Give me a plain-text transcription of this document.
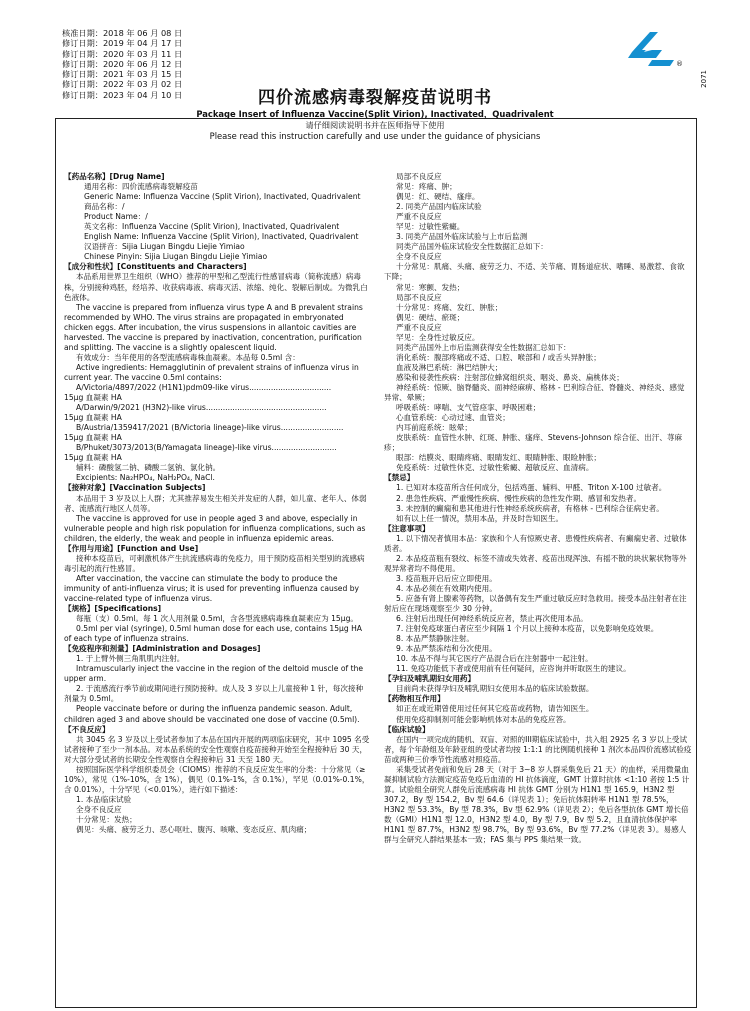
核准日期：2018 年 06 月 08 日
修订日期：2019 年 04 月 17 日
修订日期：2020 年 03 月 11 日
修订日期：2020 年 06 月 12 日
修订日期：2021 年 03 月 15 日
修订日期：2022 年 03 月 02 日
修订日期：2023 年 04 月 10 日
®
2071
四价流感病毒裂解疫苗说明书
Package Insert of Influenza Vaccine(Split Virion), Inactivated，Quadrivalent
请仔细阅读说明书并在医师指导下使用
Please read this instruction carefully and use under the guidance of physicians

【药品名称】[Drug Name]

通用名称：四价流感病毒裂解疫苗

Generic Name: Influenza Vaccine (Split Virion), Inactivated, Quadrivalent

商品名称：/

Product Name：/

英文名称：Influenza Vaccine (Split Virion), Inactivated, Quadrivalent

English Name: Influenza Vaccine (Split Virion), Inactivated, Quadrivalent

汉语拼音：Sijia Liugan Bingdu Liejie Yimiao

Chinese Pinyin: Sijia Liugan Bingdu Liejie Yimiao

【成分和性状】[Constituents and Characters]

本品系用世界卫生组织（WHO）推荐的甲型和乙型流行性感冒病毒（简称流感）病毒株，分别接种鸡胚，经培养、收获病毒液、病毒灭活、浓缩、纯化、裂解后制成。为微乳白色液体。

The vaccine is prepared from influenza virus type A and B prevalent strains recommended by WHO. The virus strains are propagated in embryonated chicken eggs. After incubation, the virus suspensions in allantoic cavities are harvested. The vaccine is prepared by inactivation, concentration, purification and splitting. The vaccine is a slightly opalescent liquid.

有效成分：当年使用的各型流感病毒株血凝素。本品每 0.5ml 含：

Active ingredients: Hemagglutinin of prevalent strains of influenza virus in current year. The vaccine 0.5ml contains:

A/Victoria/4897/2022 (H1N1)pdm09-like virus..................................

15μg 血凝素 HA

A/Darwin/9/2021 (H3N2)-like virus..................................................

15μg 血凝素 HA

B/Austria/1359417/2021 (B/Victoria lineage)-like virus..........................

15μg 血凝素 HA

B/Phuket/3073/2013(B/Yamagata lineage)-like virus...........................

15μg 血凝素 HA

辅料：磷酸氢二钠、磷酸二氢钠、氯化钠。

Excipients: Na₂HPO₄, NaH₂PO₄, NaCl.

【接种对象】[Vaccination Subjects]

本品用于 3 岁及以上人群；尤其推荐易发生相关并发症的人群，如儿童、老年人、体弱者、流感流行地区人员等。

The vaccine is approved for use in people aged 3 and above, especially in vulnerable people and high risk population for influenza complications, such as children, the elderly, the weak and people in influenza epidemic areas.

【作用与用途】[Function and Use]

接种本疫苗后，可刺激机体产生抗流感病毒的免疫力，用于预防疫苗相关型别的流感病毒引起的流行性感冒。

After vaccination, the vaccine can stimulate the body to produce the immunity of anti-influenza virus; it is used for preventing influenza caused by vaccine-related type of influenza virus.

【规格】[Specifications]

每瓶（支）0.5ml。每 1 次人用剂量 0.5ml，含各型流感病毒株血凝素应为 15μg。

0.5ml per vial (syringe), 0.5ml human dose for each use, contains 15μg HA of each type of influenza strains.

【免疫程序和剂量】[Administration and Dosages]

1. 于上臂外侧三角肌肌内注射。

Intramuscularly inject the vaccine in the region of the deltoid muscle of the upper arm.

2. 于流感流行季节前或期间进行预防接种。成人及 3 岁以上儿童接种 1 针，每次接种剂量为 0.5ml。

People vaccinate before or during the influenza pandemic season. Adult, children aged 3 and above should be vaccinated one dose of vaccine (0.5ml).

【不良反应】

共 3045 名 3 岁及以上受试者参加了本品在国内开展的两项临床研究，其中 1095 名受试者接种了至少一剂本品。对本品系统的安全性观察自疫苗接种开始至全程接种后 30 天，对大部分受试者的长期安全性观察自全程接种后 31 天至 180 天。

按照国际医学科学组织委员会（CIOMS）推荐的不良反应发生率的分类：十分常见（≥ 10%），常见（1%-10%，含 1%），偶见（0.1%-1%，含 0.1%），罕见（0.01%-0.1%，含 0.01%），十分罕见（<0.01%），进行如下描述：

1. 本品临床试验

全身不良反应

十分常见：发热；

偶见：头痛、疲劳乏力、恶心呕吐、腹泻、咳嗽、变态反应、肌肉痛；

局部不良反应

常见：疼痛、肿；

偶见：红、硬结、瘙痒。

2. 同类产品国内临床试验

严重不良反应

罕见：过敏性紫癜。

3. 同类产品国外临床试验与上市后监测

同类产品国外临床试验安全性数据汇总如下：

全身不良反应

十分常见：肌痛、头痛、疲劳乏力、不适、关节痛、胃肠道症状、嗜睡、易激惹、食欲下降；

常见：寒颤、发热；

局部不良反应

十分常见：疼痛、发红、肿胀；

偶见：硬结、瘀斑；

严重不良反应

罕见：全身性过敏反应。

同类产品国外上市后监测获得安全性数据汇总如下：

消化系统：腹部疼痛或不适、口腔、喉部和 / 或舌头异肿胀；

血液及淋巴系统：淋巴结肿大；

感染和侵袭性疾病：注射部位蜂窝组织炎、咽炎、鼻炎、扁桃体炎；

神经系统：惊厥、脑脊髓炎、面神经麻痹、格林 - 巴利综合征、脊髓炎、神经炎、感觉异常、晕厥；

呼吸系统：哮喘、支气管痉挛、呼吸困难；

心血管系统：心动过速、血管炎；

内耳前庭系统：眩晕；

皮肤系统：血管性水肿、红斑、肿胀、瘙痒、Stevens-Johnson 综合征、出汗、荨麻疹；

眼部：结膜炎、眼睛疼痛、眼睛发红、眼睛肿胀、眼睑肿胀；

免疫系统：过敏性休克、过敏性紫癜、超敏反应、血清病。

【禁忌】

1. 已知对本疫苗所含任何成分，包括鸡蛋、辅料、甲醛、Triton X-100 过敏者。

2. 患急性疾病、严重慢性疾病、慢性疾病的急性发作期、感冒和发热者。

3. 未控制的癫痫和患其他进行性神经系统疾病者，有格林 - 巴利综合征病史者。

如有以上任一情况，禁用本品，并及时告知医生。

【注意事项】

1. 以下情况者慎用本品：家族和个人有惊厥史者、患慢性疾病者、有癫痫史者、过敏体质者。

2. 本品疫苗瓶有裂纹、标签不清或失效者、疫苗出现浑浊、有摇不散的块状絮状物等外观异常者均不得使用。

3. 疫苗瓶开启后应立即使用。

4. 本品必须在有效期内使用。

5. 应备有肾上腺素等药物，以备偶有发生严重过敏反应时急救用。接受本品注射者在注射后应在现场观察至少 30 分钟。

6. 注射后出现任何神经系统反应者，禁止再次使用本品。

7. 注射免疫球蛋白者应至少间隔 1 个月以上接种本疫苗，以免影响免疫效果。

8. 本品严禁静脉注射。

9. 本品严禁冻结和分次使用。

10. 本品不得与其它医疗产品混合后在注射器中一起注射。

11. 免疫功能低下者或使用前有任何疑问，应咨询并听取医生的建议。

【孕妇及哺乳期妇女用药】

目前尚未获得孕妇及哺乳期妇女使用本品的临床试验数据。

【药物相互作用】

如正在或近期曾使用过任何其它疫苗或药物，请告知医生。

使用免疫抑制剂可能会影响机体对本品的免疫应答。

【临床试验】

在国内一项完成的随机、双盲、对照的III期临床试验中，共入组 2925 名 3 岁以上受试者，每个年龄组及年龄亚组的受试者均按 1:1:1 的比例随机接种 1 剂次本品四价流感试验疫苗或两种三价季节性流感对照疫苗。

采集受试者免前和免后 28 天（对于 3~8 岁人群采集免后 21 天）的血样，采用微量血凝抑制试验方法测定疫苗免疫后血清的 HI 抗体滴度，GMT 计算时抗体 <1:10 者按 1:5 计算。试验组全研究人群免后流感病毒 HI 抗体 GMT 分别为 H1N1 型 165.9，H3N2 型 307.2，By 型 154.2，Bv 型 64.6（详见表 1）；免后抗体阳转率 H1N1 型 78.5%，H3N2 型 53.3%，By 型 78.3%，Bv 型 62.9%（详见表 2）；免后各型抗体 GMT 增长倍数（GMI）H1N1 型 12.0，H3N2 型 4.0，By 型 7.9，Bv 型 5.2，且血清抗体保护率 H1N1 型 87.7%，H3N2 型 98.7%，By 型 93.6%，Bv 型 77.2%（详见表 3）。易感人群与全研究人群结果基本一致；FAS 集与 PPS 集结果一致。
